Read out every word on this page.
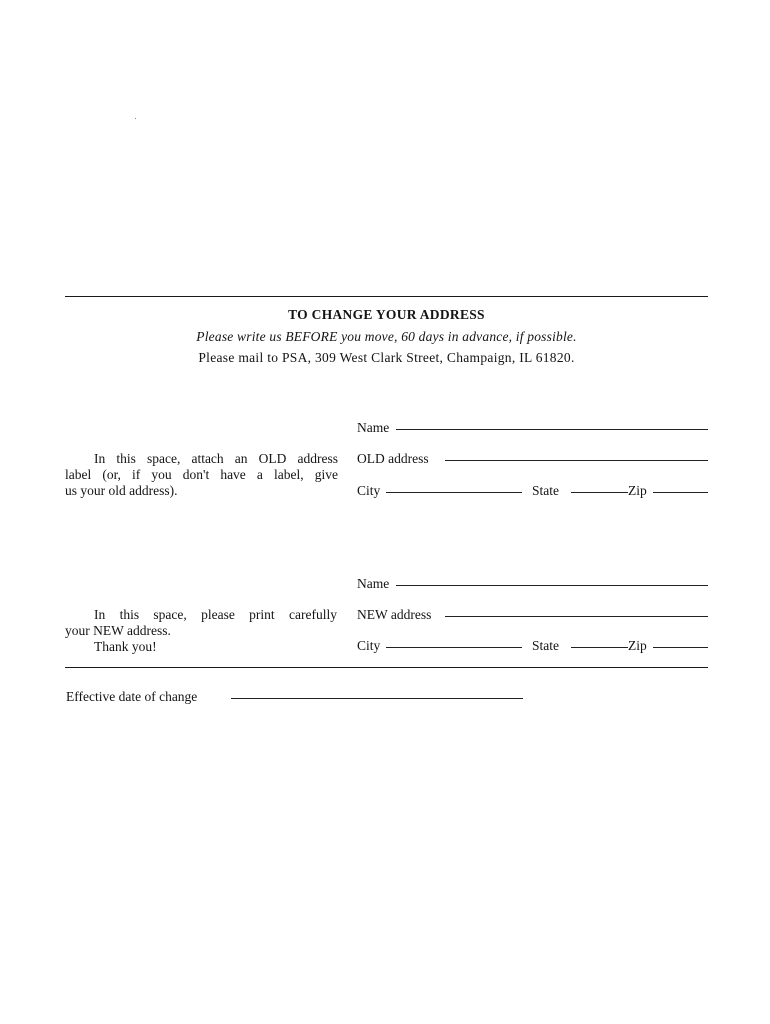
TO CHANGE YOUR ADDRESS
Please write us BEFORE you move, 60 days in advance, if possible.
Please mail to PSA, 309 West Clark Street, Champaign, IL 61820.

In this space, attach an OLD address

label (or, if you don't have a label, give

us your old address).

Name
OLD address
City	State	Zip

In this space, please print carefully

your NEW address.

Thank you!

Name
NEW address
City	State	Zip
Effective date of change
